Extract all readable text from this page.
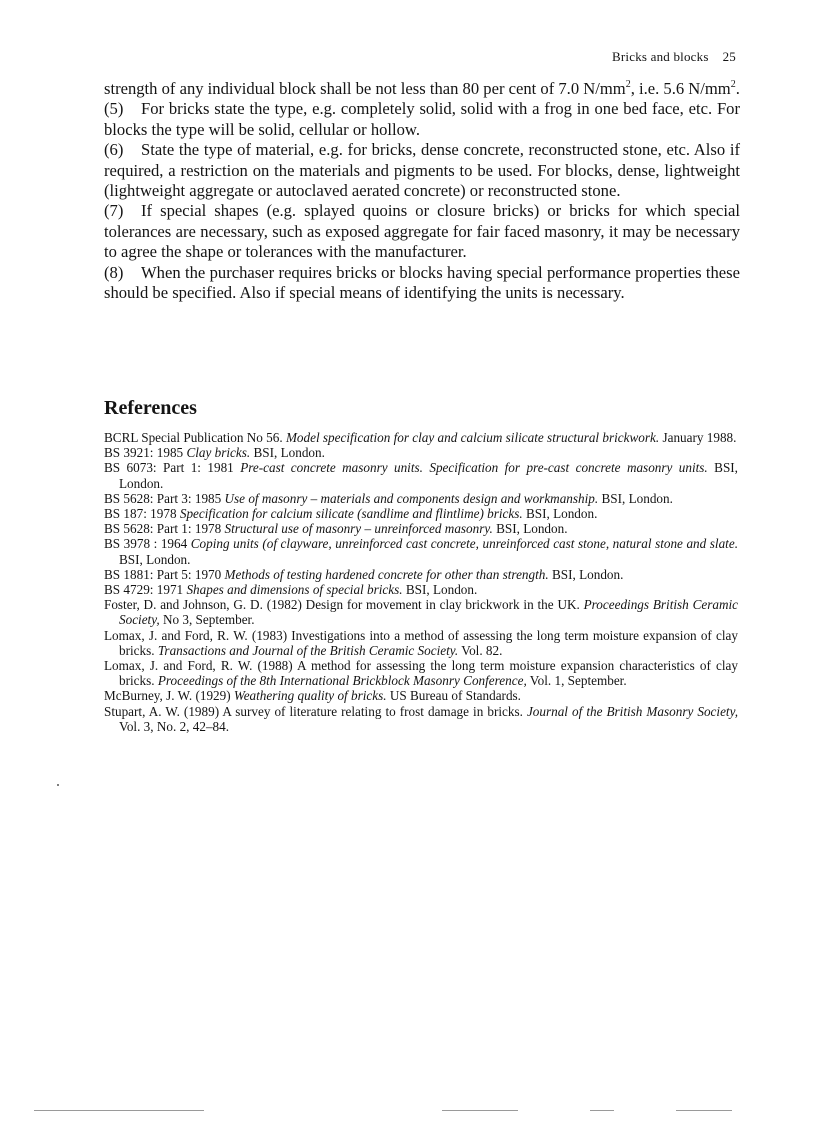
Bricks and blocks 25

strength of any individual block shall be not less than 80 per cent of 7.0 $N/mm^2$, i.e. 5.6 $N/mm^2$.

(5) For bricks state the type, e.g. completely solid, solid with a frog in one bed face, etc. For blocks the type will be solid, cellular or hollow.

(6) State the type of material, e.g. for bricks, dense concrete, reconstructed stone, etc. Also if required, a restriction on the materials and pigments to be used. For blocks, dense, lightweight (lightweight aggregate or autoclaved aerated concrete) or reconstructed stone.

(7) If special shapes (e.g. splayed quoins or closure bricks) or bricks for which special tolerances are necessary, such as exposed aggregate for fair faced masonry, it may be necessary to agree the shape or tolerances with the manufacturer.

(8) When the purchaser requires bricks or blocks having special performance properties these should be specified. Also if special means of identifying the units is necessary.

References
BCRL Special Publication No 56. Model specification for clay and calcium silicate structural brickwork. January 1988.
BS 3921: 1985 Clay bricks. BSI, London.
BS 6073: Part 1: 1981 Pre-cast concrete masonry units. Specification for pre-cast concrete masonry units. BSI, London.
BS 5628: Part 3: 1985 Use of masonry – materials and components design and workmanship. BSI, London.
BS 187: 1978 Specification for calcium silicate (sandlime and flintlime) bricks. BSI, London.
BS 5628: Part 1: 1978 Structural use of masonry – unreinforced masonry. BSI, London.
BS 3978 : 1964 Coping units (of clayware, unreinforced cast concrete, unreinforced cast stone, natural stone and slate. BSI, London.
BS 1881: Part 5: 1970 Methods of testing hardened concrete for other than strength. BSI, London.
BS 4729: 1971 Shapes and dimensions of special bricks. BSI, London.
Foster, D. and Johnson, G. D. (1982) Design for movement in clay brickwork in the UK. Proceedings British Ceramic Society, No 3, September.
Lomax, J. and Ford, R. W. (1983) Investigations into a method of assessing the long term moisture expansion of clay bricks. Transactions and Journal of the British Ceramic Society. Vol. 82.
Lomax, J. and Ford, R. W. (1988) A method for assessing the long term moisture expansion characteristics of clay bricks. Proceedings of the 8th International Brickblock Masonry Conference, Vol. 1, September.
McBurney, J. W. (1929) Weathering quality of bricks. US Bureau of Standards.
Stupart, A. W. (1989) A survey of literature relating to frost damage in bricks. Journal of the British Masonry Society, Vol. 3, No. 2, 42–84.
